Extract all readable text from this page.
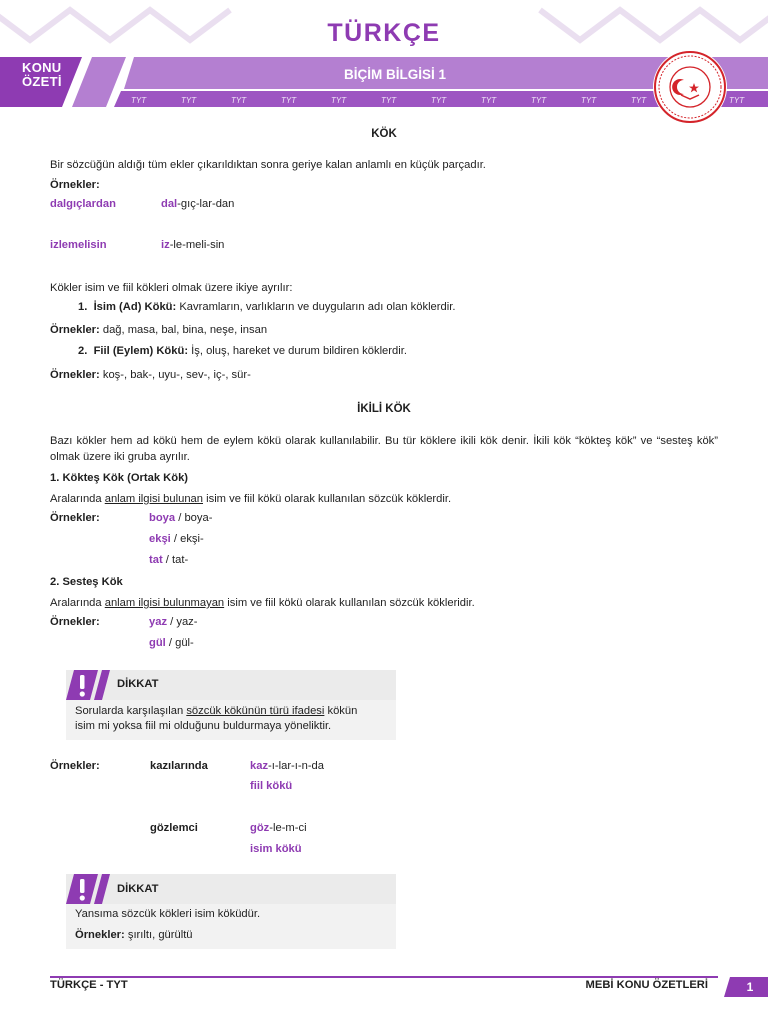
TÜRKÇE
KONU
ÖZETİ	BİÇİM BİLGİSİ 1
TYT	TYT	TYT	TYT	TYT	TYT	TYT	TYT	TYT	TYT	TYT	TYT
KÖK
Bir sözcüğün aldığı tüm ekler çıkarıldıktan sonra geriye kalan anlamlı en küçük parçadır.
Örnekler:
dalgıçlardan	dal-gıç-lar-dan
izlemelisin	iz-le-meli-sin
Kökler isim ve fiil kökleri olmak üzere ikiye ayrılır:
1. İsim (Ad) Kökü: Kavramların, varlıkların ve duyguların adı olan köklerdir.
Örnekler: dağ, masa, bal, bina, neşe, insan
2. Fiil (Eylem) Kökü: İş, oluş, hareket ve durum bildiren köklerdir.
Örnekler: koş-, bak-, uyu-, sev-, iç-, sür-
İKİLİ KÖK
Bazı kökler hem ad kökü hem de eylem kökü olarak kullanılabilir. Bu tür köklere ikili kök denir. İkili kök “kökteş kök” ve “sesteş kök” olmak üzere iki gruba ayrılır.
1. Kökteş Kök (Ortak Kök)
Aralarında anlam ilgisi bulunan isim ve fiil kökü olarak kullanılan sözcük köklerdir.
Örnekler:	boya / boya-
ekşi / ekşi-
tat / tat-
2. Sesteş Kök
Aralarında anlam ilgisi bulunmayan isim ve fiil kökü olarak kullanılan sözcük kökleridir.
Örnekler:	yaz / yaz-
gül / gül-
DİKKAT
Sorularda karşılaşılan sözcük kökünün türü ifadesi kökün
isim mi yoksa fiil mi olduğunu buldurmaya yöneliktir.
Örnekler:	kazılarında	kaz-ı-lar-ı-n-da
fiil kökü
gözlemci	göz-le-m-ci
isim kökü
DİKKAT
Yansıma sözcük kökleri isim köküdür.
Örnekler: şırıltı, gürültü
TÜRKÇE - TYT	MEBİ KONU ÖZETLERİ	1
